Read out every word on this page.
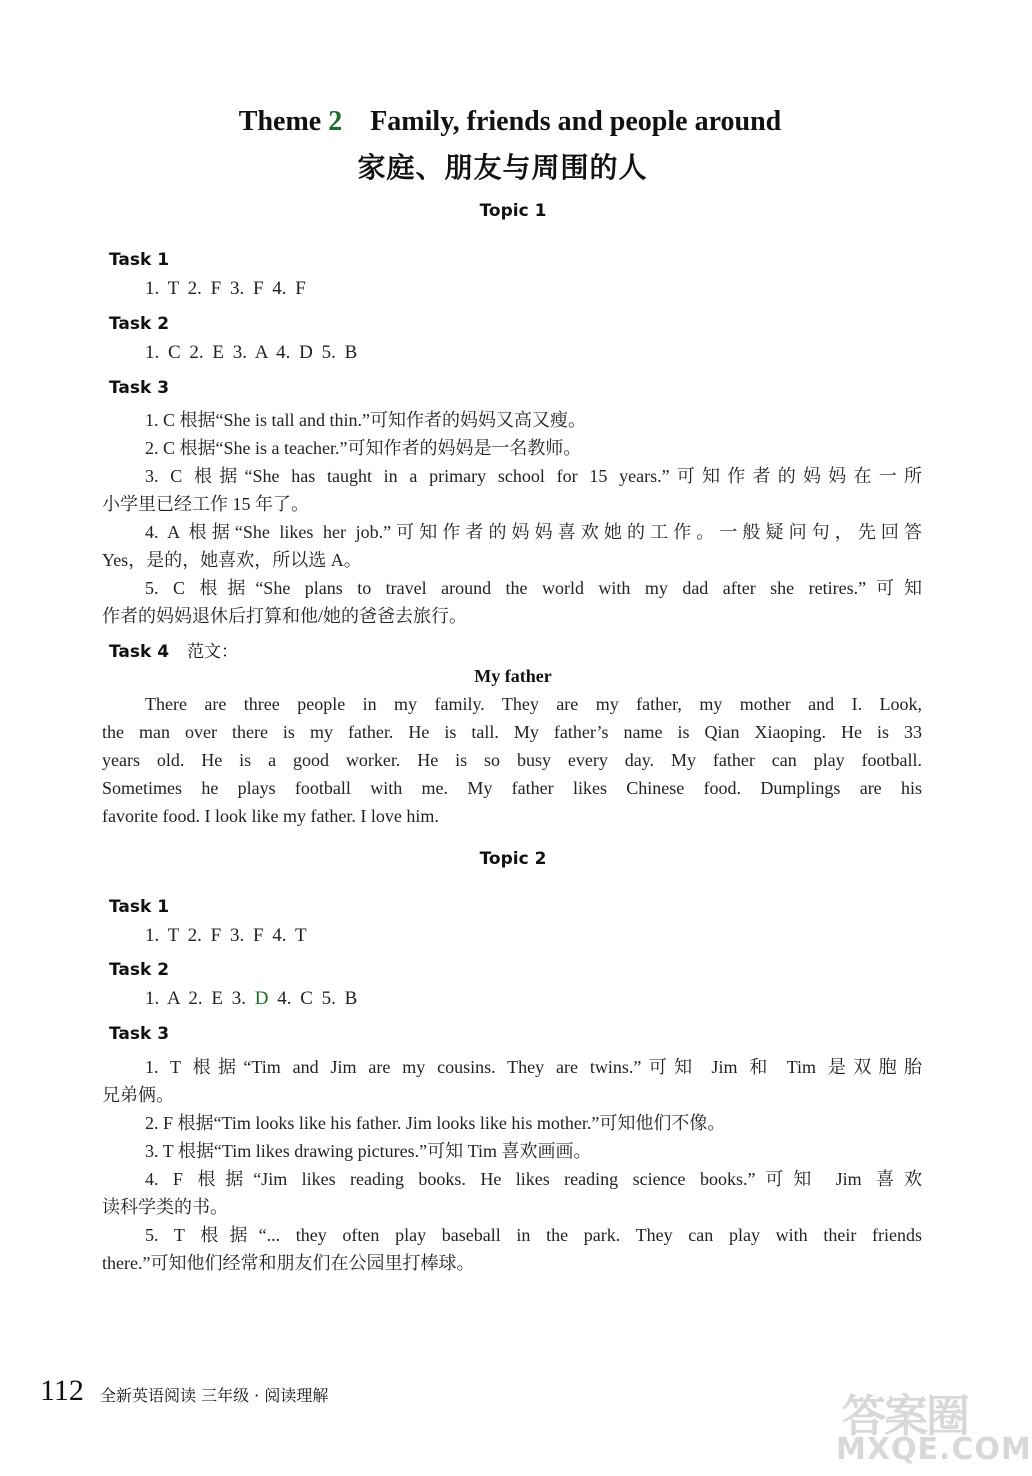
Theme 2 Family, friends and people around
家庭、朋友与周围的人
Topic 1
Task 1
1. T 2. F 3. F 4. F
Task 2
1. C 2. E 3. A 4. D 5. B
Task 3
1. C 根据“She is tall and thin.”可知作者的妈妈又高又瘦。
2. C 根据“She is a teacher.”可知作者的妈妈是一名教师。
3. C 根据“She has taught in a primary school for 15 years.”可知作者的妈妈在一所
小学里已经工作 15 年了。
4. A 根据“She likes her job.”可知作者的妈妈喜欢她的工作。一般疑问句，先回答
Yes，是的，她喜欢，所以选 A。
5. C 根据“She plans to travel around the world with my dad after she retires.”可知
作者的妈妈退休后打算和他/她的爸爸去旅行。
Task 4 范文：
My father
There are three people in my family. They are my father, my mother and I. Look,
the man over there is my father. He is tall. My father’s name is Qian Xiaoping. He is 33
years old. He is a good worker. He is so busy every day. My father can play football.
Sometimes he plays football with me. My father likes Chinese food. Dumplings are his
favorite food. I look like my father. I love him.
Topic 2
Task 1
1. T 2. F 3. F 4. T
Task 2
1. A 2. E 3. D 4. C 5. B
Task 3
1. T 根据“Tim and Jim are my cousins. They are twins.”可知 Jim 和 Tim 是双胞胎
兄弟俩。
2. F 根据“Tim looks like his father. Jim looks like his mother.”可知他们不像。
3. T 根据“Tim likes drawing pictures.”可知 Tim 喜欢画画。
4. F 根据“Jim likes reading books. He likes reading science books.”可知 Jim 喜欢
读科学类的书。
5. T 根据“... they often play baseball in the park. They can play with their friends
there.”可知他们经常和朋友们在公园里打棒球。
112 全新英语阅读 三年级 · 阅读理解	答案圈
MXQE.COM
